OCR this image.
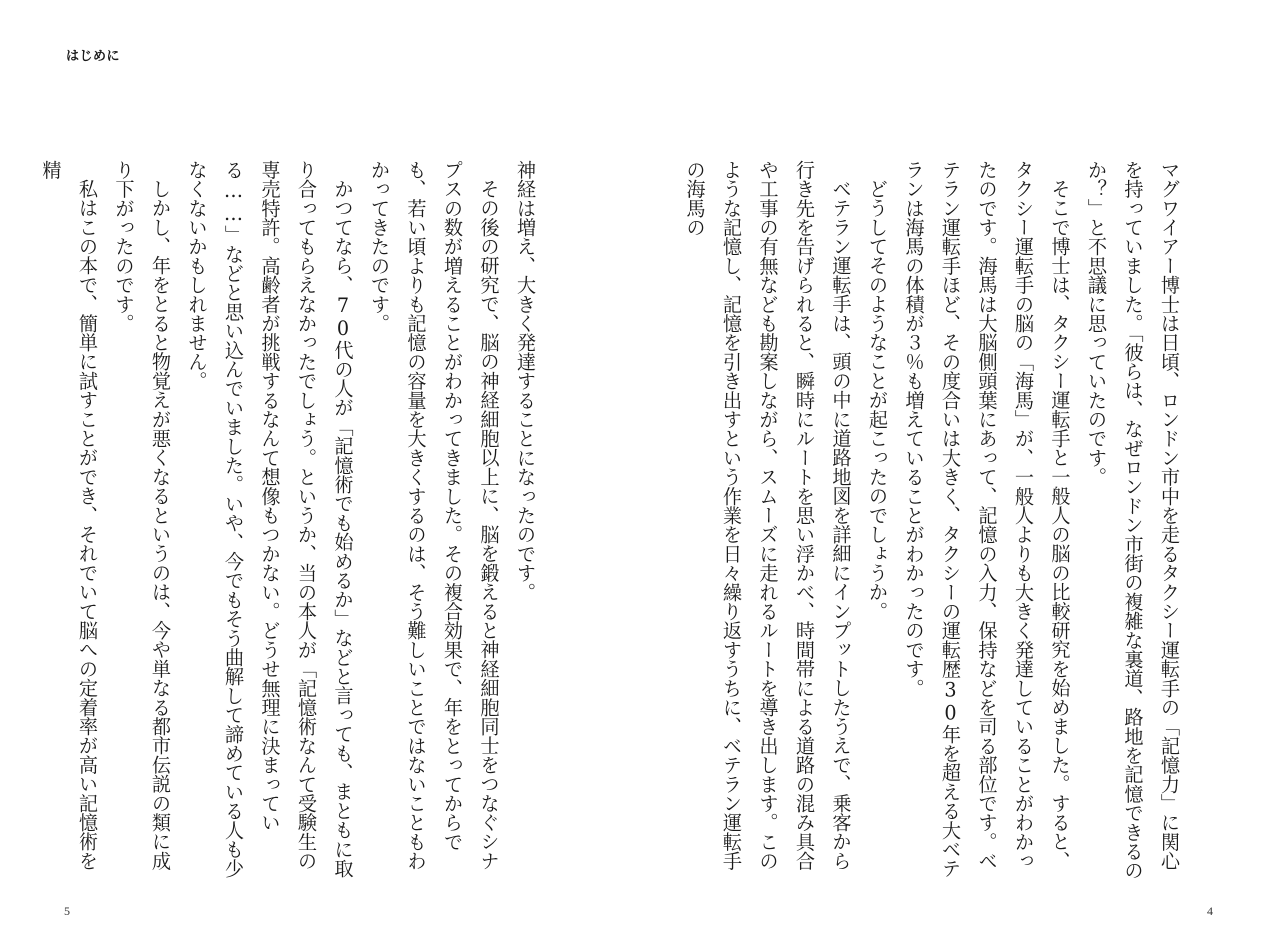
はじめに

マグワイアー博士は日頃、ロンドン市中を走るタクシー運転手の「記憶力」に関心を持っていました。「彼らは、なぜロンドン市街の複雑な裏道、路地を記憶できるのか？」と不思議に思っていたのです。

そこで博士は、タクシー運転手と一般人の脳の比較研究を始めました。すると、タクシー運転手の脳の「海馬」が、一般人よりも大きく発達していることがわかったのです。海馬は大脳側頭葉にあって、記憶の入力、保持などを司る部位です。ベテラン運転手ほど、その度合いは大きく、タクシーの運転歴30年を超える大ベテランは海馬の体積が３％も増えていることがわかったのです。

どうしてそのようなことが起こったのでしょうか。

ベテラン運転手は、頭の中に道路地図を詳細にインプットしたうえで、乗客から行き先を告げられると、瞬時にルートを思い浮かべ、時間帯による道路の混み具合や工事の有無なども勘案しながら、スムーズに走れるルートを導き出します。このような記憶し、記憶を引き出すという作業を日々繰り返すうちに、ベテラン運転手の海馬の

神経は増え、大きく発達することになったのです。

その後の研究で、脳の神経細胞以上に、脳を鍛えると神経細胞同士をつなぐシナプスの数が増えることがわかってきました。その複合効果で、年をとってからでも、若い頃よりも記憶の容量を大きくするのは、そう難しいことではないこともわかってきたのです。

かつてなら、70代の人が「記憶術でも始めるか」などと言っても、まともに取り合ってもらえなかったでしょう。というか、当の本人が「記憶術なんて受験生の専売特許。高齢者が挑戦するなんて想像もつかない。どうせ無理に決まっている……」などと思い込んでいました。いや、今でもそう曲解して諦めている人も少なくないかもしれません。

しかし、年をとると物覚えが悪くなるというのは、今や単なる都市伝説の類に成り下がったのです。

私はこの本で、簡単に試すことができ、それでいて脳への定着率が高い記憶術を精

5	4
